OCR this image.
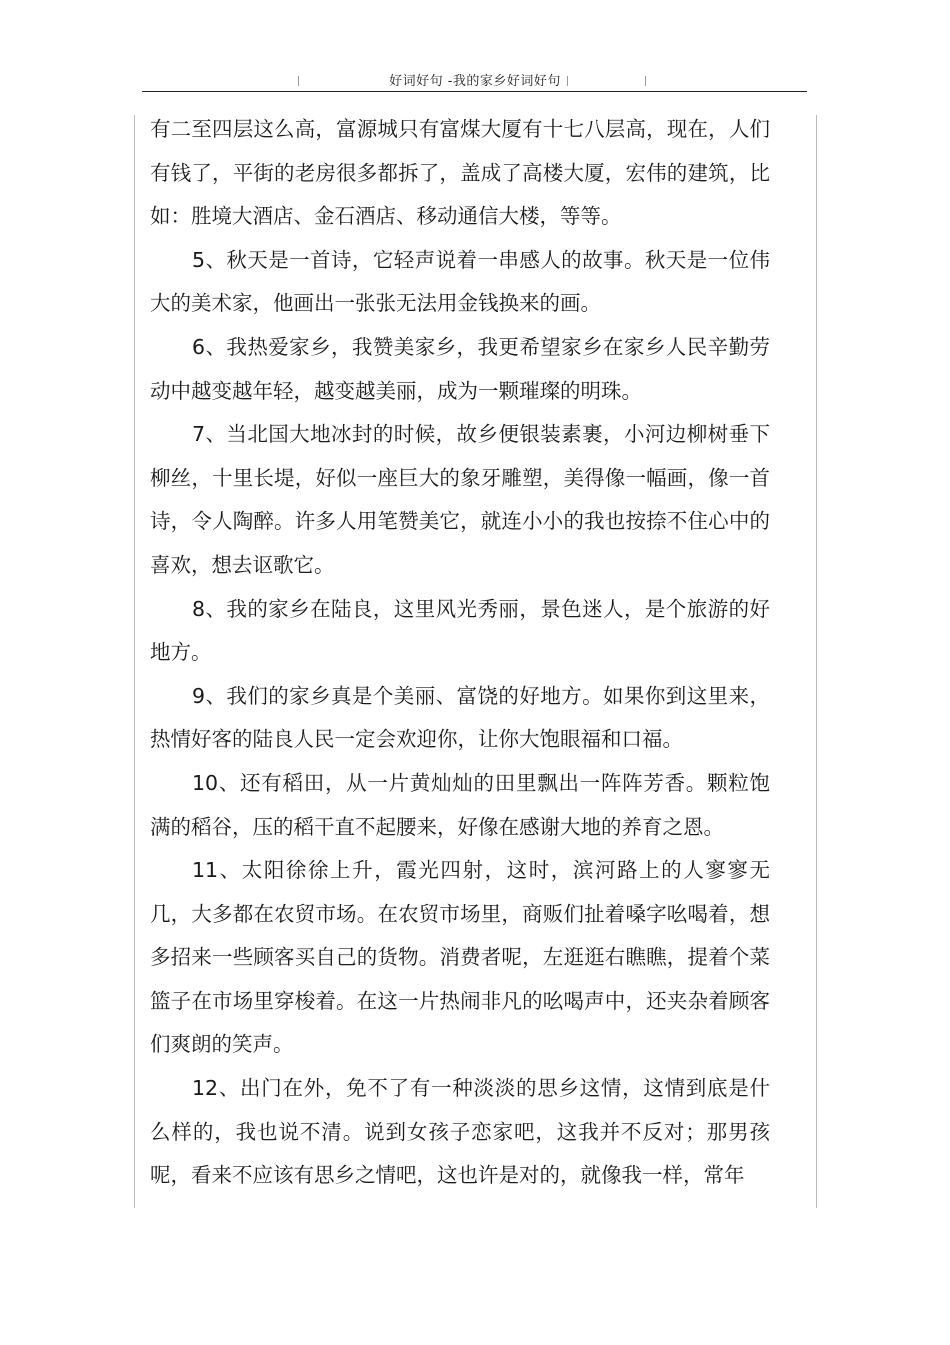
好词好句 -我的家乡好词好句

有二至四层这么高，富源城只有富煤大厦有十七八层高，现在，人们有钱了，平街的老房很多都拆了，盖成了高楼大厦，宏伟的建筑，比如：胜境大酒店、金石酒店、移动通信大楼，等等。

5、秋天是一首诗，它轻声说着一串感人的故事。秋天是一位伟大的美术家，他画出一张张无法用金钱换来的画。

6、我热爱家乡，我赞美家乡，我更希望家乡在家乡人民辛勤劳动中越变越年轻，越变越美丽，成为一颗璀璨的明珠。

7、当北国大地冰封的时候，故乡便银装素裹，小河边柳树垂下柳丝，十里长堤，好似一座巨大的象牙雕塑，美得像一幅画，像一首诗，令人陶醉。许多人用笔赞美它，就连小小的我也按捺不住心中的喜欢，想去讴歌它。

8、我的家乡在陆良，这里风光秀丽，景色迷人，是个旅游的好地方。

9、我们的家乡真是个美丽、富饶的好地方。如果你到这里来，热情好客的陆良人民一定会欢迎你，让你大饱眼福和口福。

10、还有稻田，从一片黄灿灿的田里飘出一阵阵芳香。颗粒饱满的稻谷，压的稻干直不起腰来，好像在感谢大地的养育之恩。

11、太阳徐徐上升，霞光四射，这时，滨河路上的人寥寥无几，大多都在农贸市场。在农贸市场里，商贩们扯着嗓字吆喝着，想多招来一些顾客买自己的货物。消费者呢，左逛逛右瞧瞧，提着个菜篮子在市场里穿梭着。在这一片热闹非凡的吆喝声中，还夹杂着顾客们爽朗的笑声。

12、出门在外，免不了有一种淡淡的思乡这情，这情到底是什么样的，我也说不清。说到女孩子恋家吧，这我并不反对；那男孩呢，看来不应该有思乡之情吧，这也许是对的，就像我一样，常年
